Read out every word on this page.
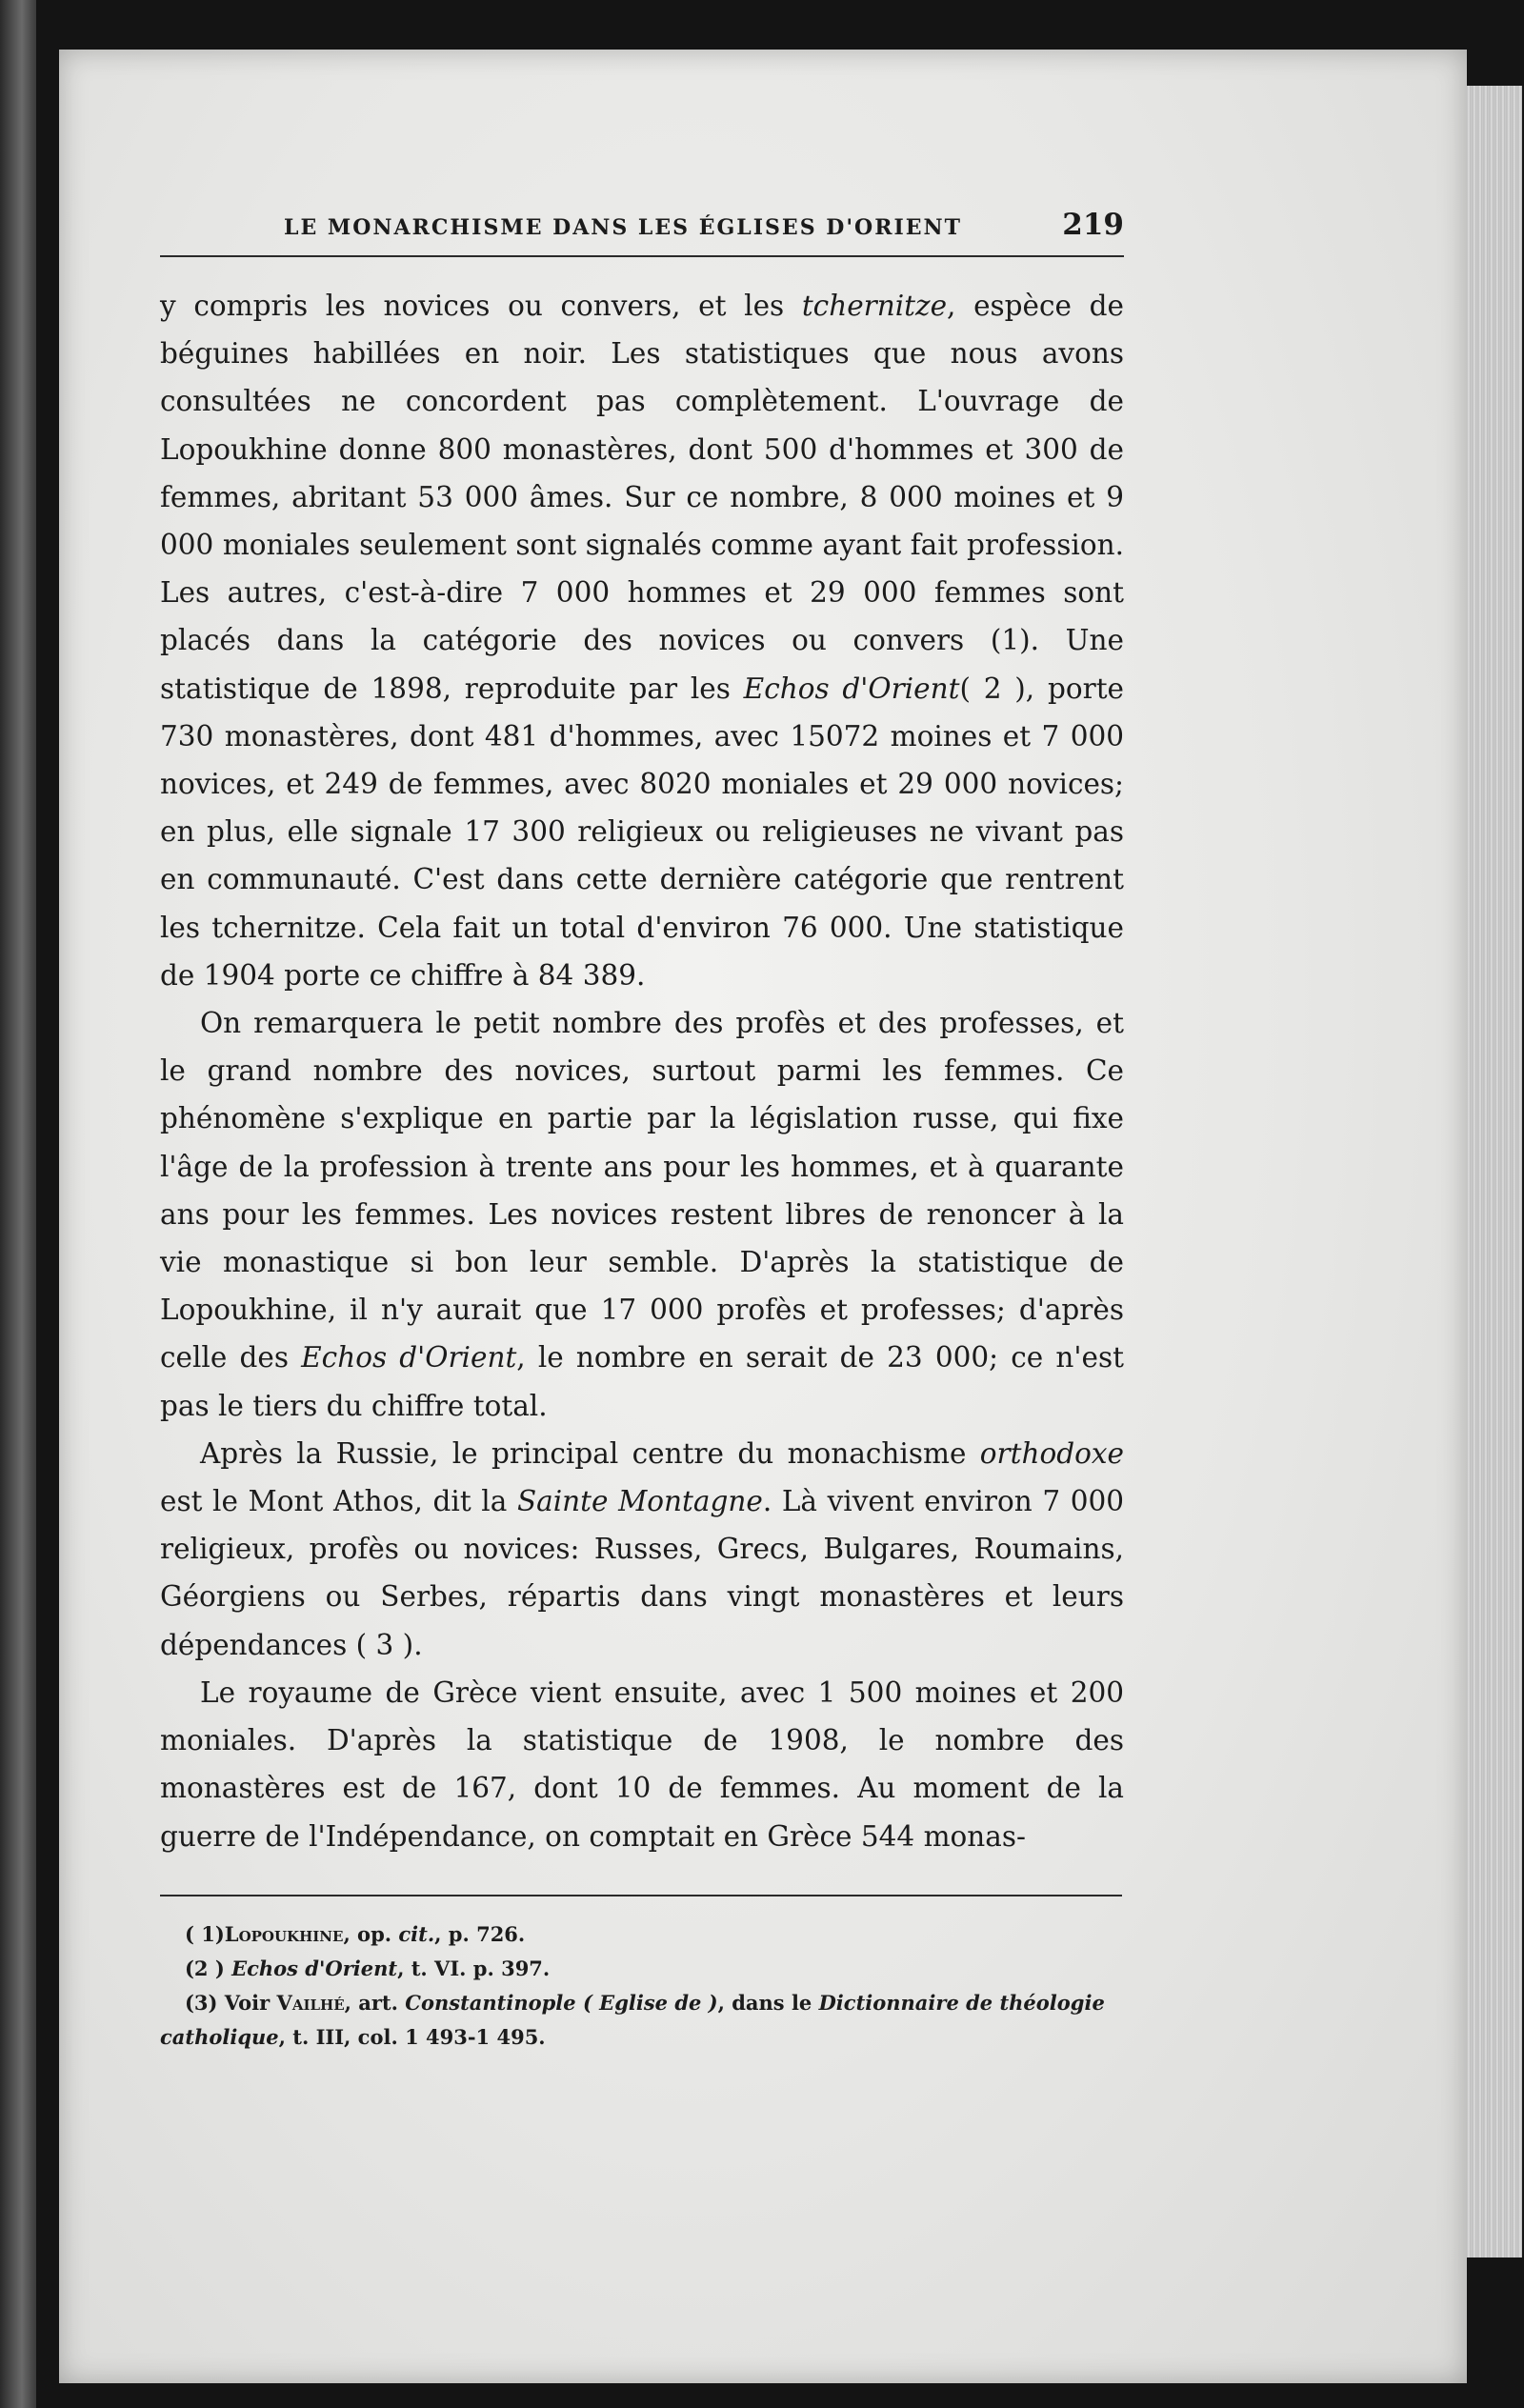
LE MONARCHISME DANS LES ÉGLISES D'ORIENT	219

y compris les novices ou convers, et les tchernitze, espèce de béguines habillées en noir. Les statistiques que nous avons consultées ne concordent pas complètement. L'ouvrage de Lopoukhine donne 800 monastères, dont 500 d'hommes et 300 de femmes, abritant 53 000 âmes. Sur ce nombre, 8 000 moines et 9 000 moniales seulement sont signalés comme ayant fait profession. Les autres, c'est-à-dire 7 000 hommes et 29 000 femmes sont placés dans la catégorie des novices ou convers (1). Une statistique de 1898, reproduite par les Echos d'Orient( 2 ), porte 730 monastères, dont 481 d'hommes, avec 15072 moines et 7 000 novices, et 249 de femmes, avec 8020 moniales et 29 000 novices; en plus, elle signale 17 300 religieux ou religieuses ne vivant pas en communauté. C'est dans cette dernière catégorie que rentrent les tchernitze. Cela fait un total d'environ 76 000. Une statistique de 1904 porte ce chiffre à 84 389.

On remarquera le petit nombre des profès et des professes, et le grand nombre des novices, surtout parmi les femmes. Ce phénomène s'explique en partie par la législation russe, qui fixe l'âge de la profession à trente ans pour les hommes, et à quarante ans pour les femmes. Les novices restent libres de renoncer à la vie monastique si bon leur semble. D'après la statistique de Lopoukhine, il n'y aurait que 17 000 profès et professes; d'après celle des Echos d'Orient, le nombre en serait de 23 000; ce n'est pas le tiers du chiffre total.

Après la Russie, le principal centre du monachisme orthodoxe est le Mont Athos, dit la Sainte Montagne. Là vivent environ 7 000 religieux, profès ou novices: Russes, Grecs, Bulgares, Roumains, Géorgiens ou Serbes, répartis dans vingt monastères et leurs dépendances ( 3 ).

Le royaume de Grèce vient ensuite, avec 1 500 moines et 200 moniales. D'après la statistique de 1908, le nombre des monastères est de 167, dont 10 de femmes. Au moment de la guerre de l'Indépendance, on comptait en Grèce 544 monas-

( 1)Lopoukhine, op. cit., p. 726.

(2 ) Echos d'Orient, t. VI. p. 397.

(3) Voir Vailhé, art. Constantinople ( Eglise de ), dans le Dictionnaire de théologie catholique, t. III, col. 1 493-1 495.
